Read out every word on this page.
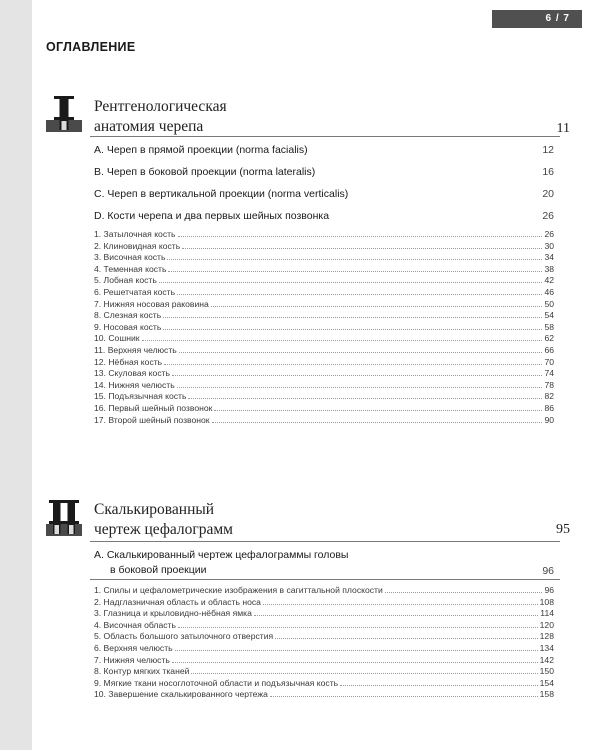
6 / 7
ОГЛАВЛЕНИЕ
Рентгенологическая
анатомия черепа	11
A. Череп в прямой проекции (norma facialis)	12
B. Череп в боковой проекции (norma lateralis)	16
C. Череп в вертикальной проекции (norma verticalis)	20
D. Кости черепа и два первых шейных позвонка	26
1. Затылочная кость	26
2. Клиновидная кость	30
3. Височная кость	34
4. Теменная кость	38
5. Лобная кость	42
6. Решетчатая кость	46
7. Нижняя носовая раковина	50
8. Слезная кость	54
9. Носовая кость	58
10. Сошник	62
11. Верхняя челюсть	66
12. Нёбная кость	70
13. Скуловая кость	74
14. Нижняя челюсть	78
15. Подъязычная кость	82
16. Первый шейный позвонок	86
17. Второй шейный позвонок	90
Скалькированный
чертеж цефалограмм	95
A. Скалькированный чертеж цефалограммы головы
в боковой проекции	96
1. Спилы и цефалометрические изображения в сагиттальной плоскости	96
2. Надглазничная область и область носа	108
3. Глазница и крыловидно-нёбная ямка	114
4. Височная область	120
5. Область большого затылочного отверстия	128
6. Верхняя челюсть	134
7. Нижняя челюсть	142
8. Контур мягких тканей	150
9. Мягкие ткани носоглоточной области и подъязычная кость	154
10. Завершение скалькированного чертежа	158
